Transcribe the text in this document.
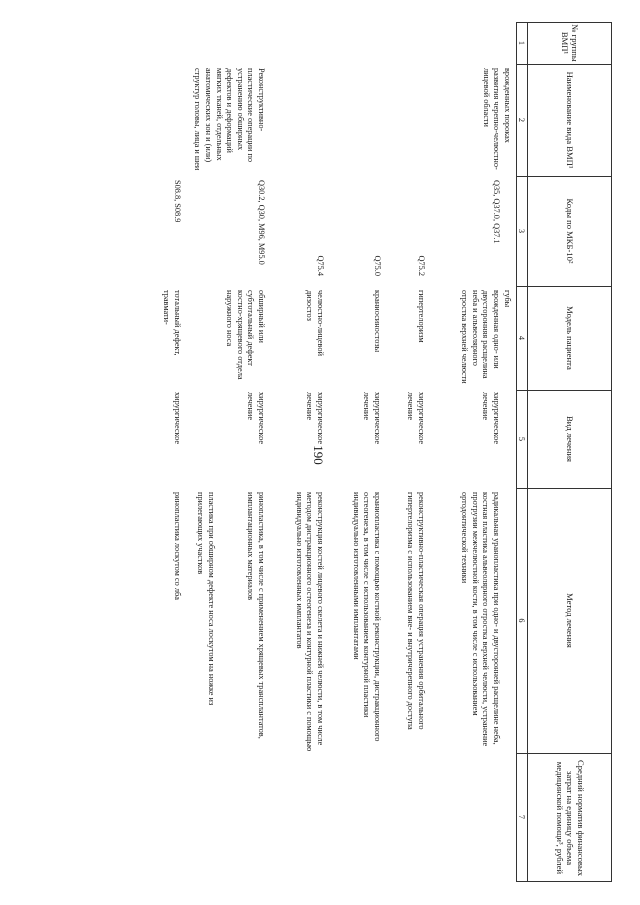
190
№ группы ВМП¹
Наименование вида ВМП¹
Коды по МКБ-10²
Модель пациента
Вид лечения
Метод лечения
Средний норматив финансовых затрат на единицу объема медицинской помощи³, рублей
1
2
3
4
5
6
7
врожденных пороках развития черепно-челюстно-лицевой области
губы
Q35, Q37.0, Q37.1
врожденная одно- или двусторонняя расщелина неба и альвеолярного отростка верхней челюсти
хирургическое лечение
радикальная уранопластика при одно- и двусторонней расщелине неба, костная пластика альвеолярного отростка верхней челюсти, устранение протрузии межчелюстной кости, в том числе с использованием ортодонтической техники
Q75.2
гипертелоризм
хирургическое лечение
реконструктивно-пластическая операция устранения орбитального гипертелоризма с использованием вне- и внутричерепного доступа
Q75.0
краниосиностозы
хирургическое лечение
краниопластика с помощью костной реконструкции, дистракционного остеогенеза, в том числе с использованием контурной пластики индивидуально изготовленными имплантатами
Q75.4
челюстно-лицевой дизостоз
хирургическое лечение
реконструкция костей лицевого скелета и нижней челюсти, в том числе методом дистракционного остеогенеза и контурной пластики с помощью индивидуально изготовленных имплантатов
Реконструктивно-пластические операции по устранению обширных дефектов и деформаций мягких тканей, отдельных анатомических зон и (или) структур головы, лица и шеи
Q30.2, Q30, M96, M95.0
обширный или субтотальный дефект костно-хрящевого отдела наружного носа
хирургическое лечение
ринопластика, в том числе с применением хрящевых трансплантатов, имплантационных материалов
пластика при обширном дефекте носа лоскутом на ножке из прилегающих участков
S08.8, S08.9
тотальный дефект, травмати-
хирургическое
ринопластика лоскутом со лба
